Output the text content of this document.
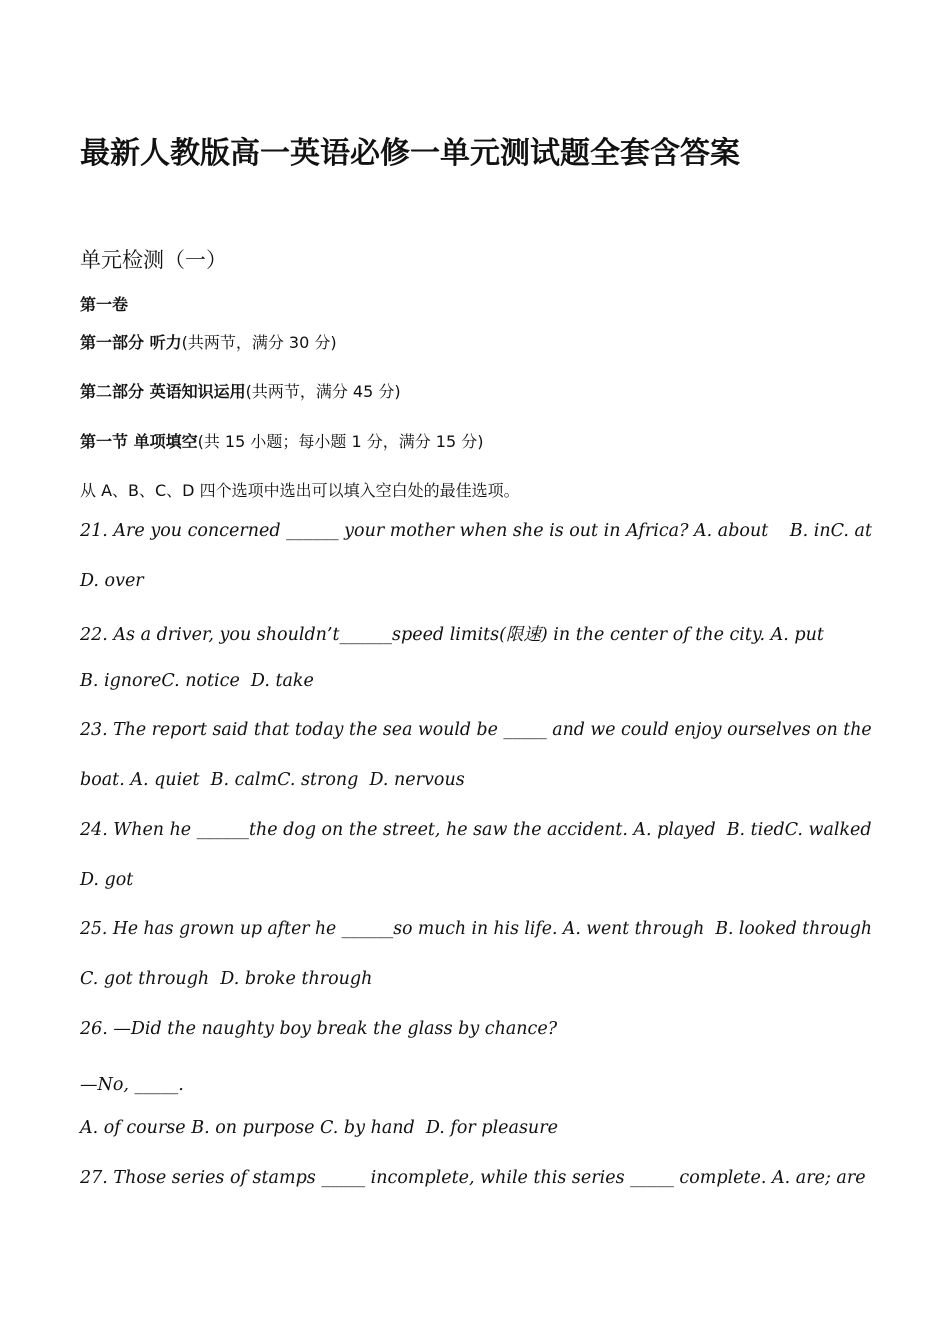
最新人教版高一英语必修一单元测试题全套含答案
单元检测（一）
第一卷
第一部分 听力(共两节，满分 30 分)
第二部分 英语知识运用(共两节，满分 45 分)
第一节 单项填空(共 15 小题；每小题 1 分，满分 15 分)
从 A、B、C、D 四个选项中选出可以填入空白处的最佳选项。
21. Are you concerned ______ your mother when she is out in Africa? A. about B. inC. at
D. over
22. As a driver, you shouldn’t______speed limits(限速) in the center of the city. A. put
B. ignoreC. notice  D. take
23. The report said that today the sea would be _____ and we could enjoy ourselves on the
boat. A. quiet  B. calmC. strong  D. nervous
24. When he ______the dog on the street, he saw the accident. A. played  B. tiedC. walked
D. got
25. He has grown up after he ______so much in his life. A. went through  B. looked through
C. got through  D. broke through
26. —Did the naughty boy break the glass by chance?
—No, _____.
A. of course B. on purpose C. by hand  D. for pleasure
27. Those series of stamps _____ incomplete, while this series _____ complete. A. are; are
